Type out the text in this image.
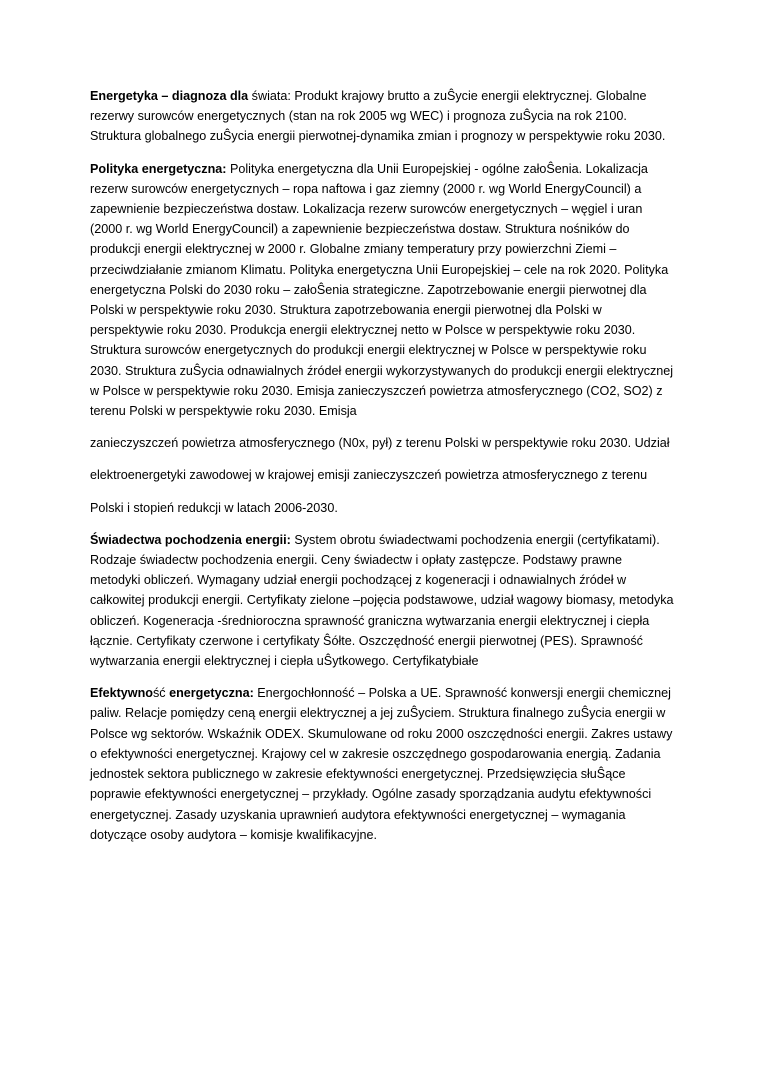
Energetyka – diagnoza dla świata: Produkt krajowy brutto a zuŜycie energii elektrycznej. Globalne rezerwy surowców energetycznych (stan na rok 2005 wg WEC) i prognoza zuŜycia na rok 2100. Struktura globalnego zuŜycia energii pierwotnej-dynamika zmian i prognozy w perspektywie roku 2030.

Polityka energetyczna: Polityka energetyczna dla Unii Europejskiej - ogólne załoŜenia. Lokalizacja rezerw surowców energetycznych – ropa naftowa i gaz ziemny (2000 r. wg World EnergyCouncil) a zapewnienie bezpieczeństwa dostaw. Lokalizacja rezerw surowców energetycznych – węgiel i uran (2000 r. wg World EnergyCouncil) a zapewnienie bezpieczeństwa dostaw. Struktura nośników do produkcji energii elektrycznej w 2000 r. Globalne zmiany temperatury przy powierzchni Ziemi – przeciwdziałanie zmianom Klimatu. Polityka energetyczna Unii Europejskiej – cele na rok 2020. Polityka energetyczna Polski do 2030 roku – załoŜenia strategiczne. Zapotrzebowanie energii pierwotnej dla Polski w perspektywie roku 2030. Struktura zapotrzebowania energii pierwotnej dla Polski w perspektywie roku 2030. Produkcja energii elektrycznej netto w Polsce w perspektywie roku 2030. Struktura surowców energetycznych do produkcji energii elektrycznej w Polsce w perspektywie roku 2030. Struktura zuŜycia odnawialnych źródeł energii wykorzystywanych do produkcji energii elektrycznej w Polsce w perspektywie roku 2030. Emisja zanieczyszczeń powietrza atmosferycznego (CO2, SO2) z terenu Polski w perspektywie roku 2030. Emisja

zanieczyszczeń powietrza atmosferycznego (N0x, pył) z terenu Polski w perspektywie roku 2030. Udział

elektroenergetyki zawodowej w krajowej emisji zanieczyszczeń powietrza atmosferycznego z terenu

Polski i stopień redukcji w latach 2006-2030.

Świadectwa pochodzenia energii: System obrotu świadectwami pochodzenia energii (certyfikatami). Rodzaje świadectw pochodzenia energii. Ceny świadectw i opłaty zastępcze. Podstawy prawne metodyki obliczeń. Wymagany udział energii pochodzącej z kogeneracji i odnawialnych źródeł w całkowitej produkcji energii. Certyfikaty zielone –pojęcia podstawowe, udział wagowy biomasy, metodyka obliczeń. Kogeneracja -średnioroczna sprawność graniczna wytwarzania energii elektrycznej i ciepła łącznie. Certyfikaty czerwone i certyfikaty Ŝółte. Oszczędność energii pierwotnej (PES). Sprawność wytwarzania energii elektrycznej i ciepła uŜytkowego. Certyfikatybiałe

Efektywność energetyczna: Energochłonność – Polska a UE. Sprawność konwersji energii chemicznej paliw. Relacje pomiędzy ceną energii elektrycznej a jej zuŜyciem. Struktura finalnego zuŜycia energii w Polsce wg sektorów. Wskaźnik ODEX. Skumulowane od roku 2000 oszczędności energii. Zakres ustawy o efektywności energetycznej. Krajowy cel w zakresie oszczędnego gospodarowania energią. Zadania jednostek sektora publicznego w zakresie efektywności energetycznej. Przedsięwzięcia słuŜące poprawie efektywności energetycznej – przykłady. Ogólne zasady sporządzania audytu efektywności energetycznej. Zasady uzyskania uprawnień audytora efektywności energetycznej – wymagania dotyczące osoby audytora – komisje kwalifikacyjne.
